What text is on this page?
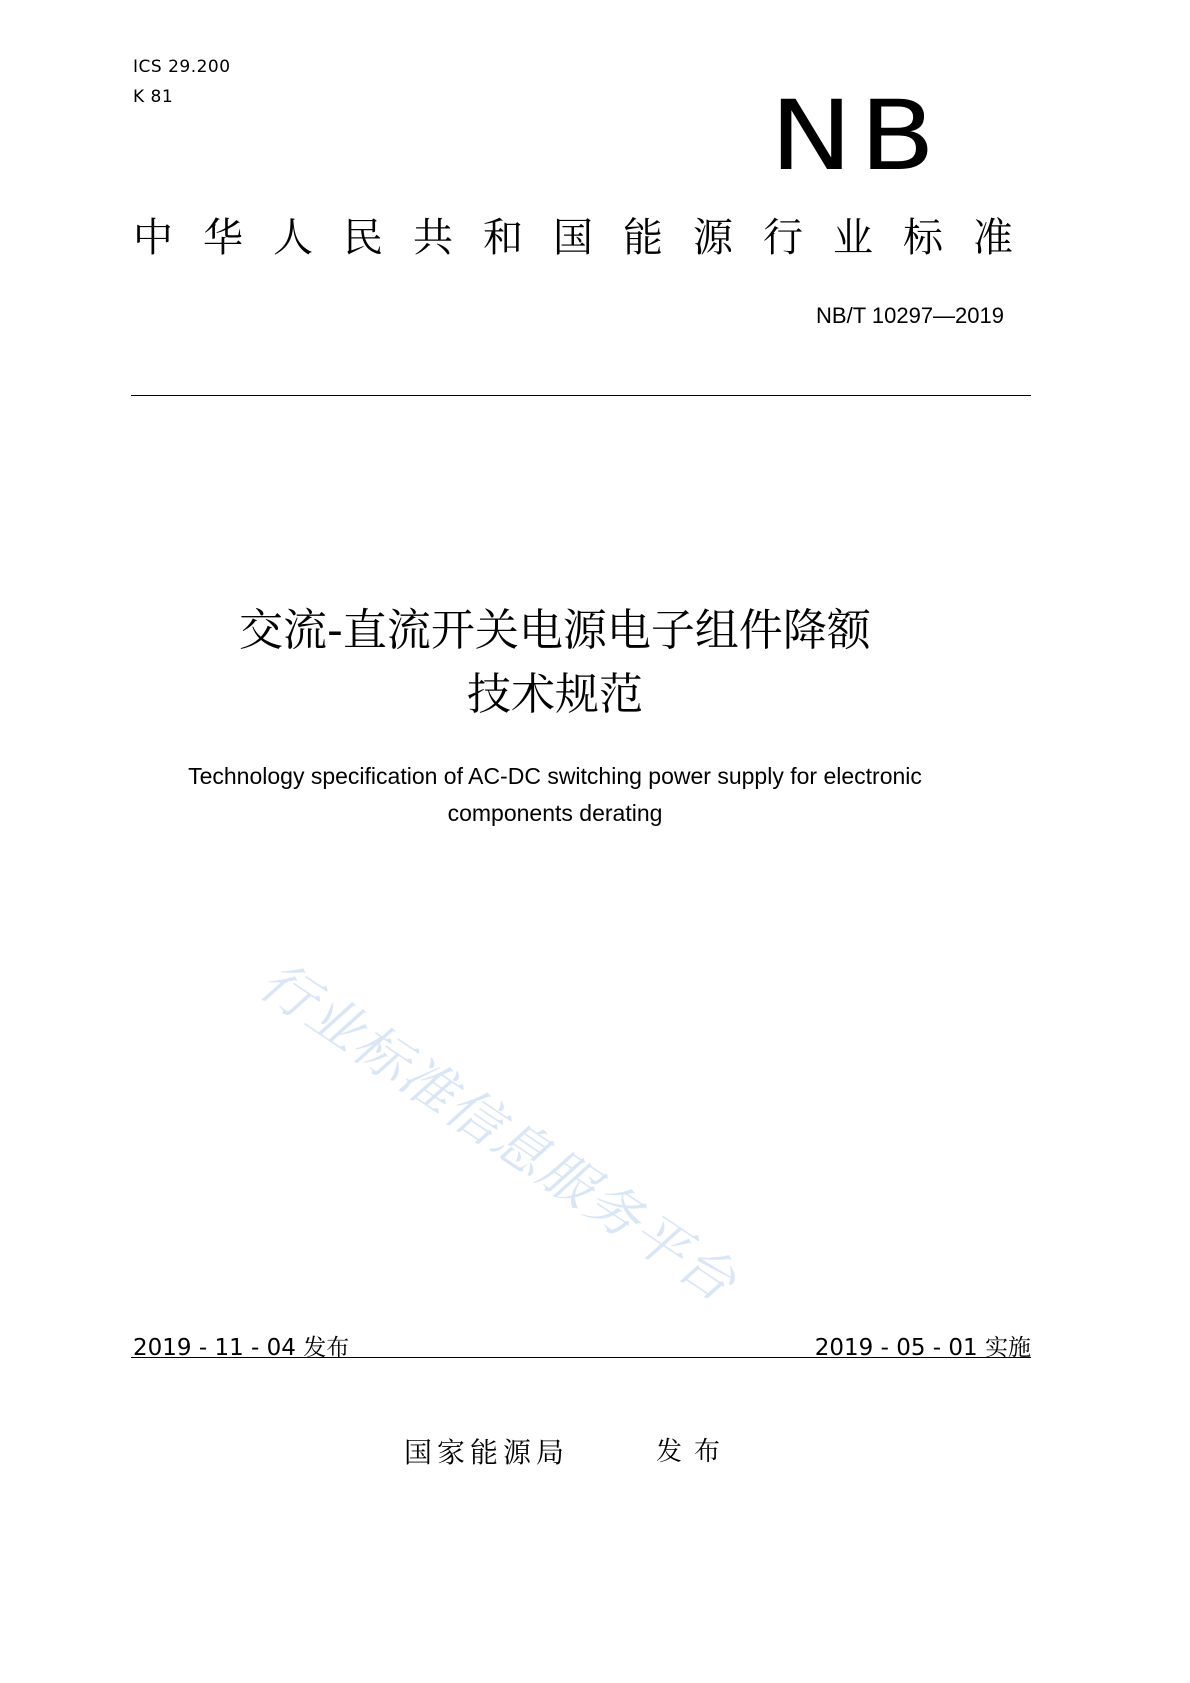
ICS 29.200
K 81	NB
中华人民共和国能源行业标准
NB/T 10297—2019
交流-直流开关电源电子组件降额
技术规范
Technology specification of AC-DC switching power supply for electronic
components derating
行业标准信息服务平台
2019 - 11 - 04 发布	2019 - 05 - 01 实施
国家能源局	发布
